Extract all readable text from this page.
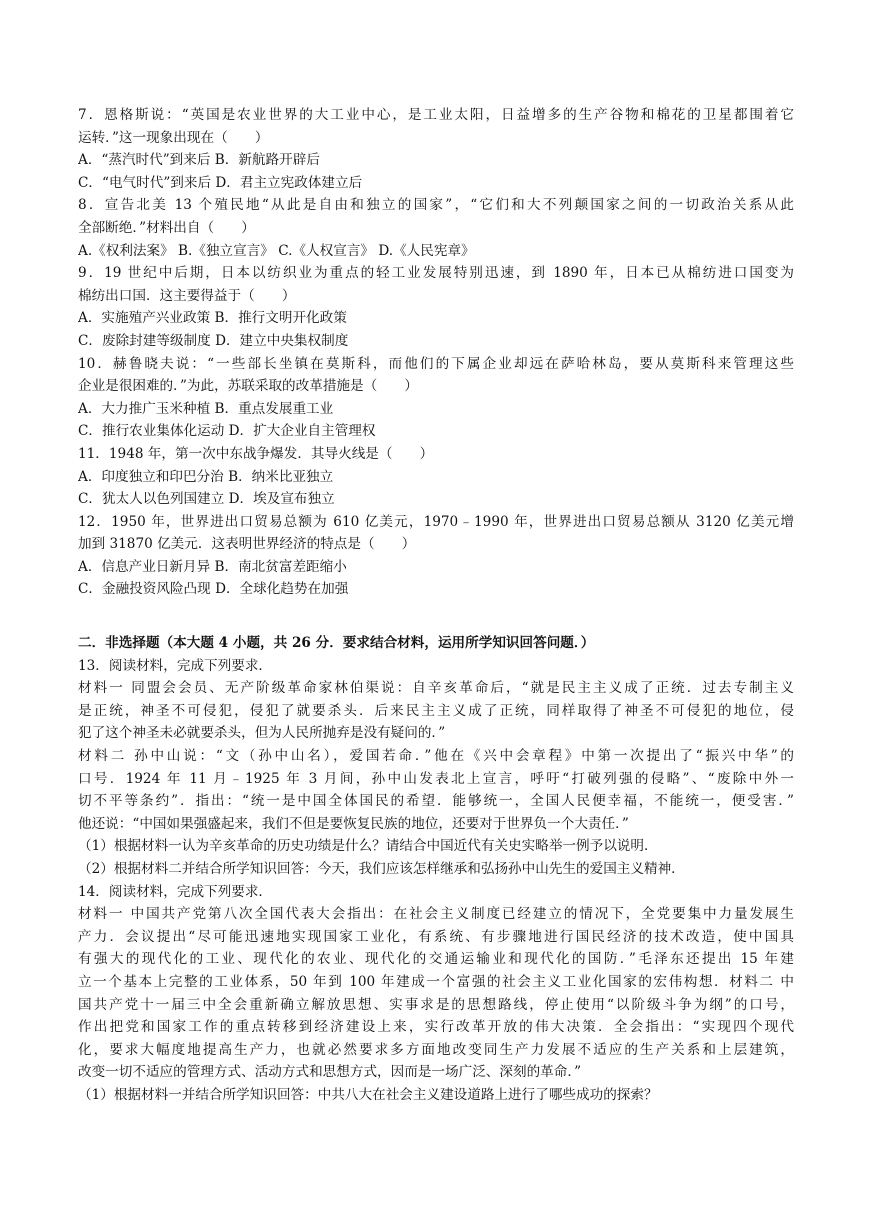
7．恩格斯说：“英国是农业世界的大工业中心，是工业太阳，日益增多的生产谷物和棉花的卫星都围着它
运转．”这一现象出现在（　　）
A．“蒸汽时代”到来后 B．新航路开辟后
C．“电气时代”到来后 D．君主立宪政体建立后
8．宣告北美 13 个殖民地“从此是自由和独立的国家”，“它们和大不列颠国家之间的一切政治关系从此
全部断绝．”材料出自（　　）
A.《权利法案》 B.《独立宣言》 C.《人权宣言》 D.《人民宪章》
9．19 世纪中后期，日本以纺织业为重点的轻工业发展特别迅速，到 1890 年，日本已从棉纺进口国变为
棉纺出口国．这主要得益于（　　）
A．实施殖产兴业政策 B．推行文明开化政策
C．废除封建等级制度 D．建立中央集权制度
10．赫鲁晓夫说：“一些部长坐镇在莫斯科，而他们的下属企业却远在萨哈林岛，要从莫斯科来管理这些
企业是很困难的．”为此，苏联采取的改革措施是（　　）
A．大力推广玉米种植 B．重点发展重工业
C．推行农业集体化运动 D．扩大企业自主管理权
11．1948 年，第一次中东战争爆发．其导火线是（　　）
A．印度独立和印巴分治 B．纳米比亚独立
C．犹太人以色列国建立 D．埃及宣布独立
12．1950 年，世界进出口贸易总额为 610 亿美元，1970﹣1990 年，世界进出口贸易总额从 3120 亿美元增
加到 31870 亿美元．这表明世界经济的特点是（　　）
A．信息产业日新月异 B．南北贫富差距缩小
C．金融投资风险凸现 D．全球化趋势在加强
二．非选择题（本大题 4 小题，共 26 分．要求结合材料，运用所学知识回答问题．）
13．阅读材料，完成下列要求．
材料一 同盟会会员、无产阶级革命家林伯渠说：自辛亥革命后，“就是民主主义成了正统．过去专制主义
是正统，神圣不可侵犯，侵犯了就要杀头．后来民主主义成了正统，同样取得了神圣不可侵犯的地位，侵
犯了这个神圣未必就要杀头，但为人民所抛弃是没有疑问的．”
材料二 孙中山说：“文（孙中山名），爱国若命．”他在《兴中会章程》中第一次提出了“振兴中华”的
口号．1924 年 11 月﹣1925 年 3 月间，孙中山发表北上宣言，呼吁“打破列强的侵略”、“废除中外一
切不平等条约”．指出：“统一是中国全体国民的希望．能够统一，全国人民便幸福，不能统一，便受害．”
他还说：“中国如果强盛起来，我们不但是要恢复民族的地位，还要对于世界负一个大责任．”
（1）根据材料一认为辛亥革命的历史功绩是什么？请结合中国近代有关史实略举一例予以说明．
（2）根据材料二并结合所学知识回答：今天，我们应该怎样继承和弘扬孙中山先生的爱国主义精神．
14．阅读材料，完成下列要求．
材料一 中国共产党第八次全国代表大会指出：在社会主义制度已经建立的情况下，全党要集中力量发展生
产力．会议提出“尽可能迅速地实现国家工业化，有系统、有步骤地进行国民经济的技术改造，使中国具
有强大的现代化的工业、现代化的农业、现代化的交通运输业和现代化的国防．”毛泽东还提出 15 年建
立一个基本上完整的工业体系，50 年到 100 年建成一个富强的社会主义工业化国家的宏伟构想．材料二 中
国共产党十一届三中全会重新确立解放思想、实事求是的思想路线，停止使用“以阶级斗争为纲”的口号，
作出把党和国家工作的重点转移到经济建设上来，实行改革开放的伟大决策．全会指出：“实现四个现代
化，要求大幅度地提高生产力，也就必然要求多方面地改变同生产力发展不适应的生产关系和上层建筑，
改变一切不适应的管理方式、活动方式和思想方式，因而是一场广泛、深刻的革命．”
（1）根据材料一并结合所学知识回答：中共八大在社会主义建设道路上进行了哪些成功的探索？
